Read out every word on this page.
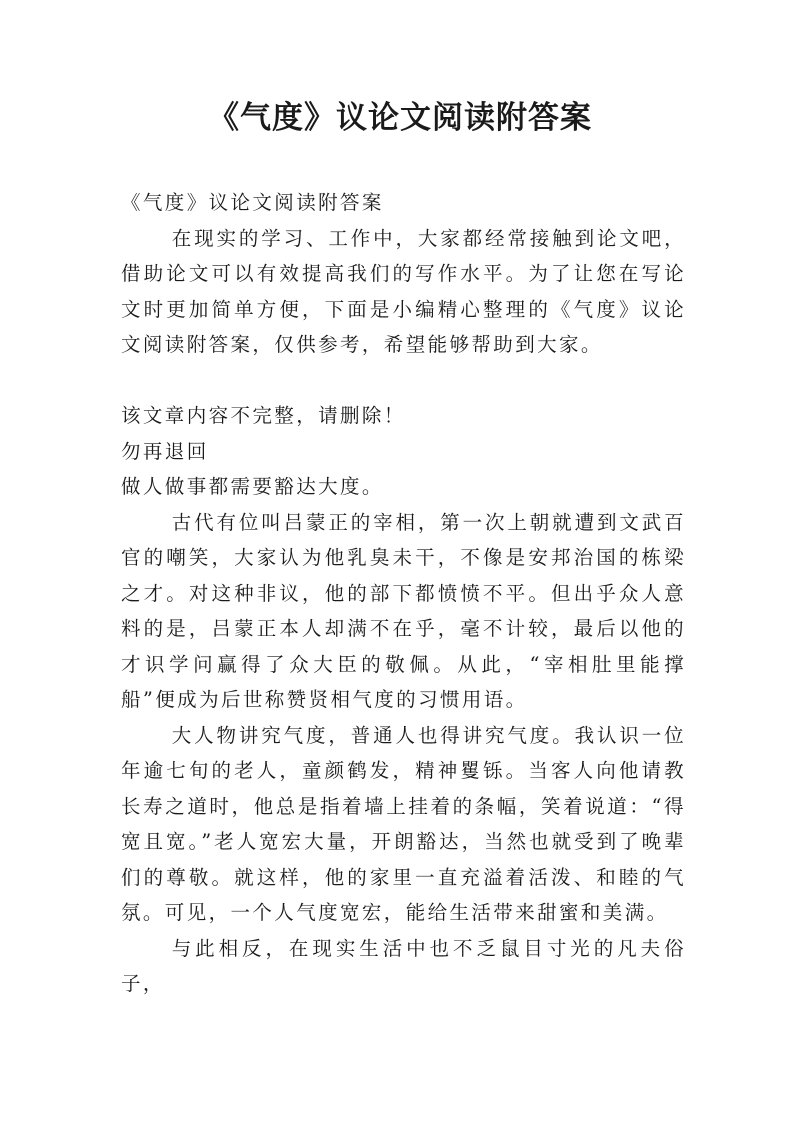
《气度》议论文阅读附答案

《气度》议论文阅读附答案

在现实的学习、工作中，大家都经常接触到论文吧，借助论文可以有效提高我们的写作水平。为了让您在写论文时更加简单方便，下面是小编精心整理的《气度》议论文阅读附答案，仅供参考，希望能够帮助到大家。

该文章内容不完整，请删除！

勿再退回

做人做事都需要豁达大度。

古代有位叫吕蒙正的宰相，第一次上朝就遭到文武百官的嘲笑，大家认为他乳臭未干，不像是安邦治国的栋梁之才。对这种非议，他的部下都愤愤不平。但出乎众人意料的是，吕蒙正本人却满不在乎，毫不计较，最后以他的才识学问赢得了众大臣的敬佩。从此，“宰相肚里能撑船”便成为后世称赞贤相气度的习惯用语。

大人物讲究气度，普通人也得讲究气度。我认识一位年逾七旬的老人，童颜鹤发，精神矍铄。当客人向他请教长寿之道时，他总是指着墙上挂着的条幅，笑着说道：“得宽且宽。”老人宽宏大量，开朗豁达，当然也就受到了晚辈们的尊敬。就这样，他的家里一直充溢着活泼、和睦的气氛。可见，一个人气度宽宏，能给生活带来甜蜜和美满。

与此相反，在现实生活中也不乏鼠目寸光的凡夫俗子，
